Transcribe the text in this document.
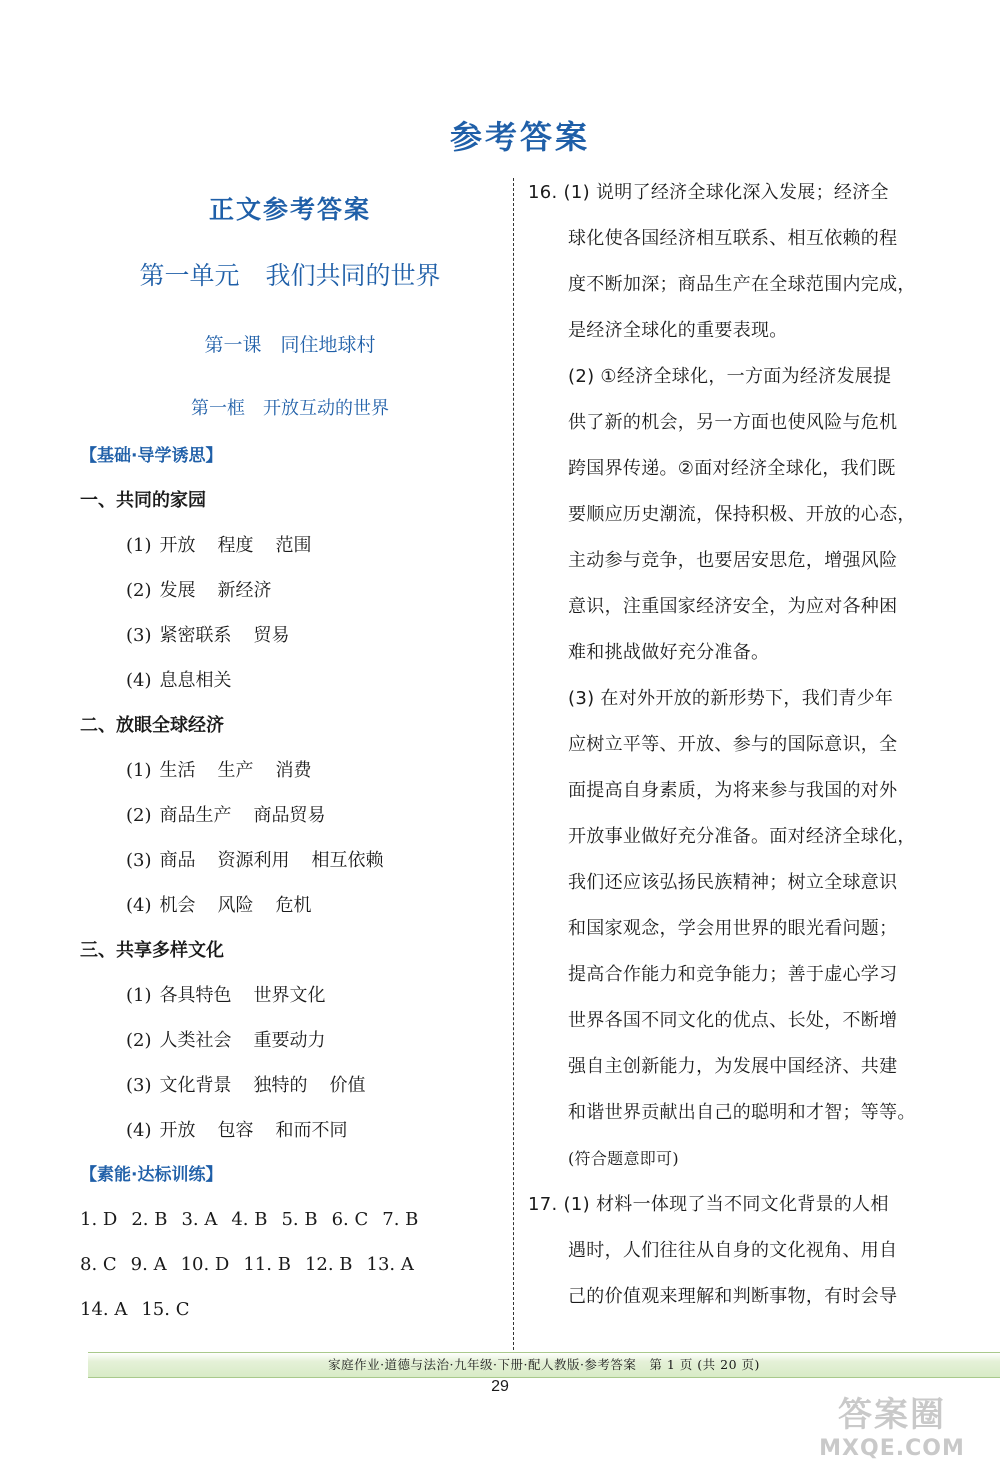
参考答案
正文参考答案
第一单元 我们共同的世界
第一课　同住地球村
第一框　开放互动的世界
【基础·导学诱思】
一、共同的家园
(1) 开放 程度 范围
(2) 发展 新经济
(3) 紧密联系 贸易
(4) 息息相关
二、放眼全球经济
(1) 生活 生产 消费
(2) 商品生产 商品贸易
(3) 商品 资源利用 相互依赖
(4) 机会 风险 危机
三、共享多样文化
(1) 各具特色 世界文化
(2) 人类社会 重要动力
(3) 文化背景 独特的 价值
(4) 开放 包容 和而不同
【素能·达标训练】
1. D 2. B 3. A 4. B 5. B 6. C 7. B
8. C 9. A 10. D 11. B 12. B 13. A
14. A 15. C
16. (1) 说明了经济全球化深入发展；经济全
球化使各国经济相互联系、相互依赖的程
度不断加深；商品生产在全球范围内完成，
是经济全球化的重要表现。
(2) ①经济全球化，一方面为经济发展提
供了新的机会，另一方面也使风险与危机
跨国界传递。②面对经济全球化，我们既
要顺应历史潮流，保持积极、开放的心态，
主动参与竞争，也要居安思危，增强风险
意识，注重国家经济安全，为应对各种困
难和挑战做好充分准备。
(3) 在对外开放的新形势下，我们青少年
应树立平等、开放、参与的国际意识，全
面提高自身素质，为将来参与我国的对外
开放事业做好充分准备。面对经济全球化，
我们还应该弘扬民族精神；树立全球意识
和国家观念，学会用世界的眼光看问题；
提高合作能力和竞争能力；善于虚心学习
世界各国不同文化的优点、长处，不断增
强自主创新能力，为发展中国经济、共建
和谐世界贡献出自己的聪明和才智；等等。
(符合题意即可)
17. (1) 材料一体现了当不同文化背景的人相
遇时，人们往往从自身的文化视角、用自
己的价值观来理解和判断事物，有时会导
家庭作业·道德与法治·九年级·下册·配人教版·参考答案　第 1 页 (共 20 页)
29
答案圈
MXQE.COM
